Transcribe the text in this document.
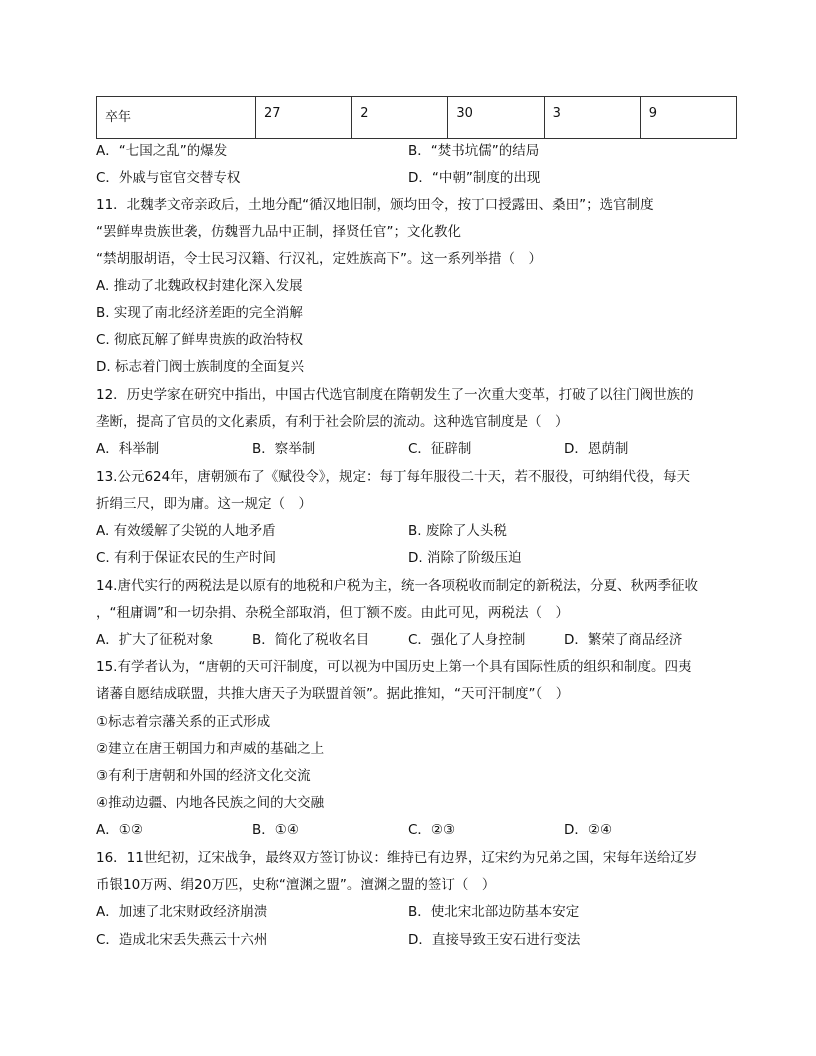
卒年	27	2	30	3	9
A．“七国之乱”的爆发	B．“焚书坑儒”的结局
C．外戚与宦官交替专权	D．“中朝”制度的出现
11．北魏孝文帝亲政后，土地分配“循汉地旧制，颁均田令，按丁口授露田、桑田”；选官制度
“罢鲜卑贵族世袭，仿魏晋九品中正制，择贤任官”；文化教化
“禁胡服胡语，令士民习汉籍、行汉礼，定姓族高下”。这一系列举措（　）
A. 推动了北魏政权封建化深入发展
B. 实现了南北经济差距的完全消解
C. 彻底瓦解了鲜卑贵族的政治特权
D. 标志着门阀士族制度的全面复兴
12．历史学家在研究中指出，中国古代选官制度在隋朝发生了一次重大变革，打破了以往门阀世族的
垄断，提高了官员的文化素质，有利于社会阶层的流动。这种选官制度是（　）
A．科举制	B．察举制	C．征辟制	D．恩荫制
13.公元624年，唐朝颁布了《赋役令》，规定：每丁每年服役二十天，若不服役，可纳绢代役，每天
折绢三尺，即为庸。这一规定（　）
A. 有效缓解了尖锐的人地矛盾	B. 废除了人头税
C. 有利于保证农民的生产时间	D. 消除了阶级压迫
14.唐代实行的两税法是以原有的地税和户税为主，统一各项税收而制定的新税法，分夏、秋两季征收
，“租庸调”和一切杂捐、杂税全部取消，但丁额不废。由此可见，两税法（　）
A．扩大了征税对象	B．简化了税收名目	C．强化了人身控制	D．繁荣了商品经济
15.有学者认为，“唐朝的天可汗制度，可以视为中国历史上第一个具有国际性质的组织和制度。四夷
诸蕃自愿结成联盟，共推大唐天子为联盟首领”。据此推知，“天可汗制度”（　）
①标志着宗藩关系的正式形成
②建立在唐王朝国力和声威的基础之上
③有利于唐朝和外国的经济文化交流
④推动边疆、内地各民族之间的大交融
A．①②	B．①④	C．②③	D．②④
16．11世纪初，辽宋战争，最终双方签订协议：维持已有边界，辽宋约为兄弟之国，宋每年送给辽岁
币银10万两、绢20万匹，史称“澶渊之盟”。澶渊之盟的签订（　）
A．加速了北宋财政经济崩溃	B．使北宋北部边防基本安定
C．造成北宋丢失燕云十六州	D．直接导致王安石进行变法
